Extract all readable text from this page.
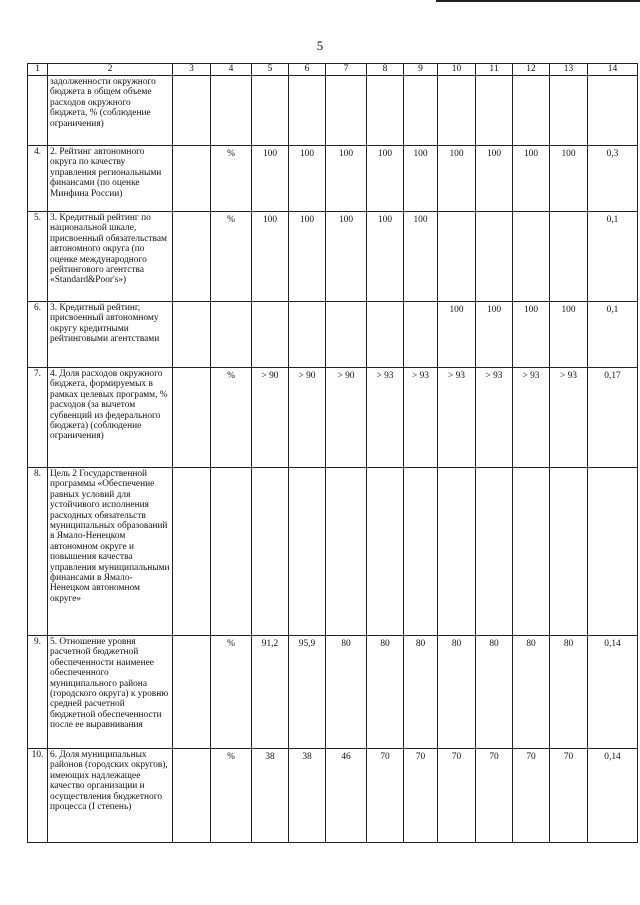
5
1	2	3	4	5	6	7	8	9	10	11	12	13	14
	задолженности окружного бюджета в общем объеме расходов окружного бюджета, % (соблюдение ограничения)												
4.	2. Рейтинг автономного округа по качеству управления региональными финансами (по оценке Минфина России)		%	100	100	100	100	100	100	100	100	100	0,3
5.	3. Кредитный рейтинг по национальной шкале, присвоенный обязательствам автономного округа (по оценке международного рейтингового агентства «Standard&Poor's»)		%	100	100	100	100	100					0,1
6.	3. Кредитный рейтинг, присвоенный автономному округу кредитными рейтинговыми агентствами								100	100	100	100	0,1
7.	4. Доля расходов окружного бюджета, формируемых в рамках целевых программ, % расходов (за вычетом субвенций из федерального бюджета) (соблюдение ограничения)		%	> 90	> 90	> 90	> 93	> 93	> 93	> 93	> 93	> 93	0,17
8.	Цель 2 Государственной программы «Обеспечение равных условий для устойчивого исполнения расходных обязательств муниципальных образований в Ямало-Ненецком автономном округе и повышения качества управления муниципальными финансами в Ямало-Ненецком автономном округе»												
9.	5. Отношение уровня расчетной бюджетной обеспеченности наименее обеспеченного муниципального района (городского округа) к уровню средней расчетной бюджетной обеспеченности после ее выравнивания		%	91,2	95,9	80	80	80	80	80	80	80	0,14
10.	6. Доля муниципальных районов (городских округов), имеющих надлежащее качество организации и осуществления бюджетного процесса (I степень)		%	38	38	46	70	70	70	70	70	70	0,14
